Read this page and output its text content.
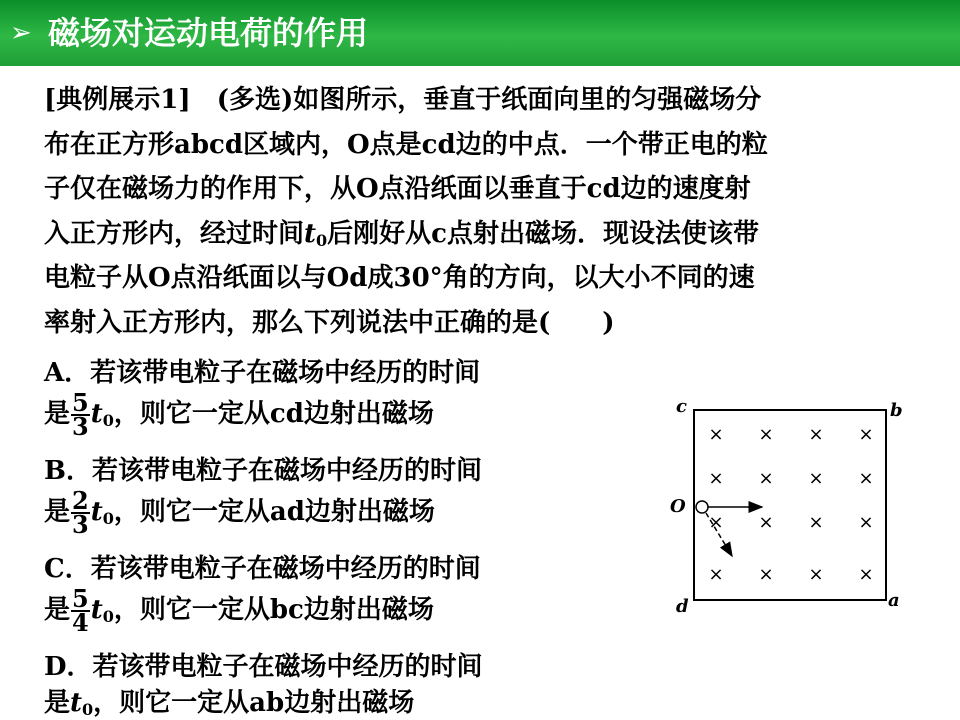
➢ 磁场对运动电荷的作用
[典例展示1]　(多选)如图所示，垂直于纸面向里的匀强磁场分
布在正方形abcd区域内，O点是cd边的中点．一个带正电的粒
子仅在磁场力的作用下，从O点沿纸面以垂直于cd边的速度射
入正方形内，经过时间$t_0$后刚好从c点射出磁场．现设法使该带
电粒子从O点沿纸面以与Od成30°角的方向，以大小不同的速
率射入正方形内，那么下列说法中正确的是(　　)
A．若该带电粒子在磁场中经历的时间
是 $\frac{5}{3} t_0$，则它一定从cd边射出磁场
B．若该带电粒子在磁场中经历的时间
是 $\frac{2}{3} t_0$，则它一定从ad边射出磁场
C．若该带电粒子在磁场中经历的时间
是 $\frac{5}{4} t_0$，则它一定从bc边射出磁场
D．若该带电粒子在磁场中经历的时间
是$t_0$，则它一定从ab边射出磁场
c	b
O
d	a
× × × ×
× × × ×
× × × ×
× × × ×
